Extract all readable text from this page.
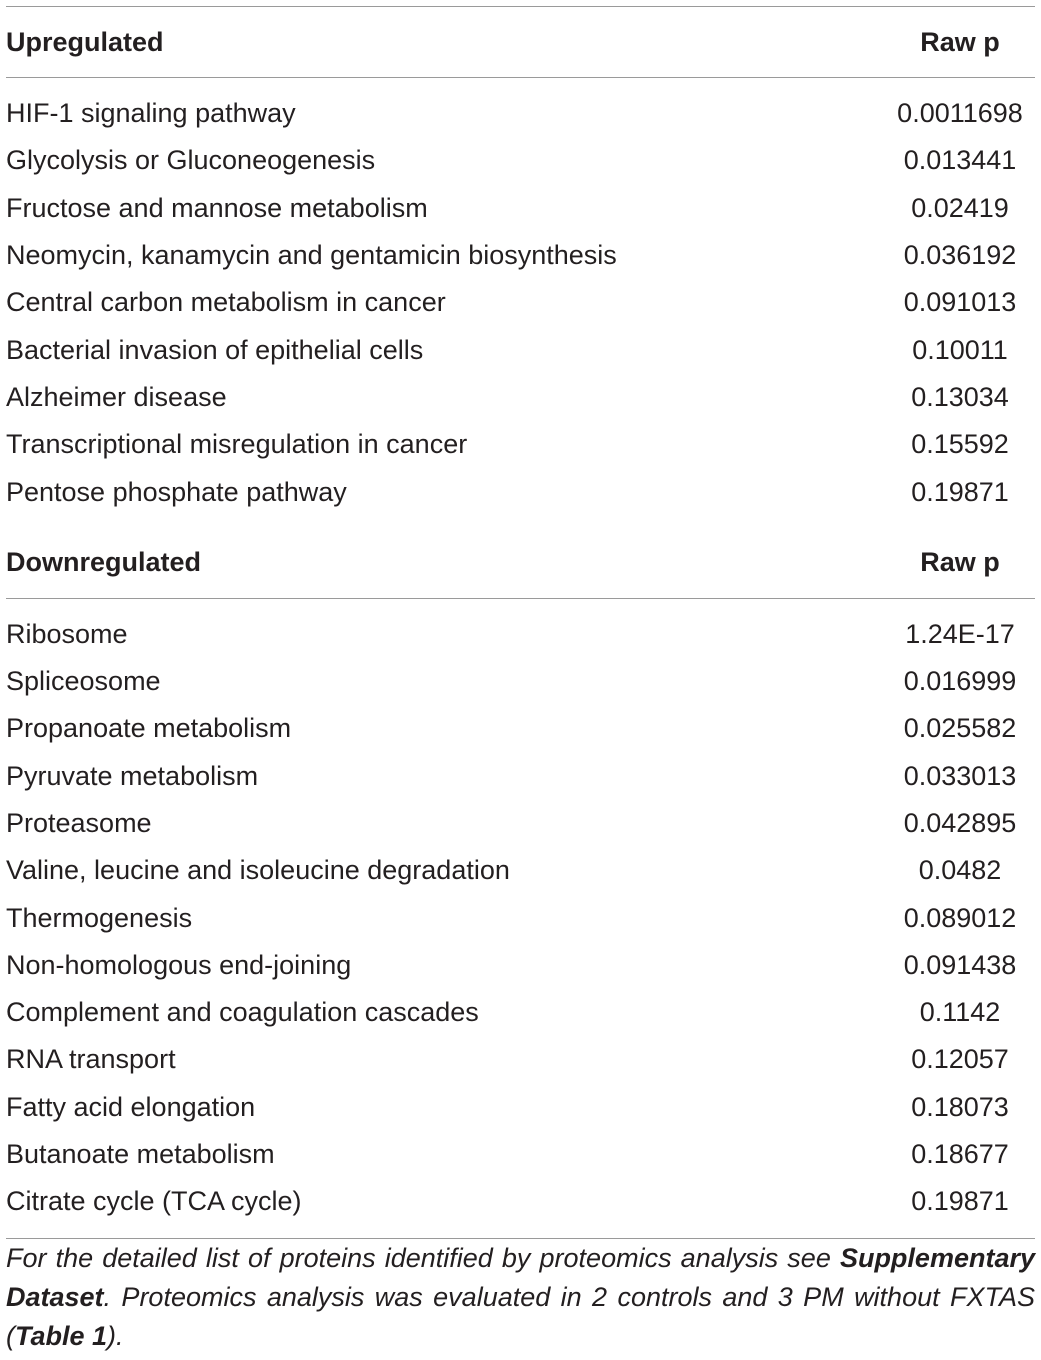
Upregulated	Raw p

HIF-1 signaling pathway	0.0011698
Glycolysis or Gluconeogenesis	0.013441
Fructose and mannose metabolism	0.02419
Neomycin, kanamycin and gentamicin biosynthesis	0.036192
Central carbon metabolism in cancer	0.091013
Bacterial invasion of epithelial cells	0.10011
Alzheimer disease	0.13034
Transcriptional misregulation in cancer	0.15592
Pentose phosphate pathway	0.19871

Downregulated	Raw p

Ribosome	1.24E-17
Spliceosome	0.016999
Propanoate metabolism	0.025582
Pyruvate metabolism	0.033013
Proteasome	0.042895
Valine, leucine and isoleucine degradation	0.0482
Thermogenesis	0.089012
Non-homologous end-joining	0.091438
Complement and coagulation cascades	0.1142
RNA transport	0.12057
Fatty acid elongation	0.18073
Butanoate metabolism	0.18677
Citrate cycle (TCA cycle)	0.19871

For the detailed list of proteins identified by proteomics analysis see Supplementary Dataset. Proteomics analysis was evaluated in 2 controls and 3 PM without FXTAS (Table 1).	
